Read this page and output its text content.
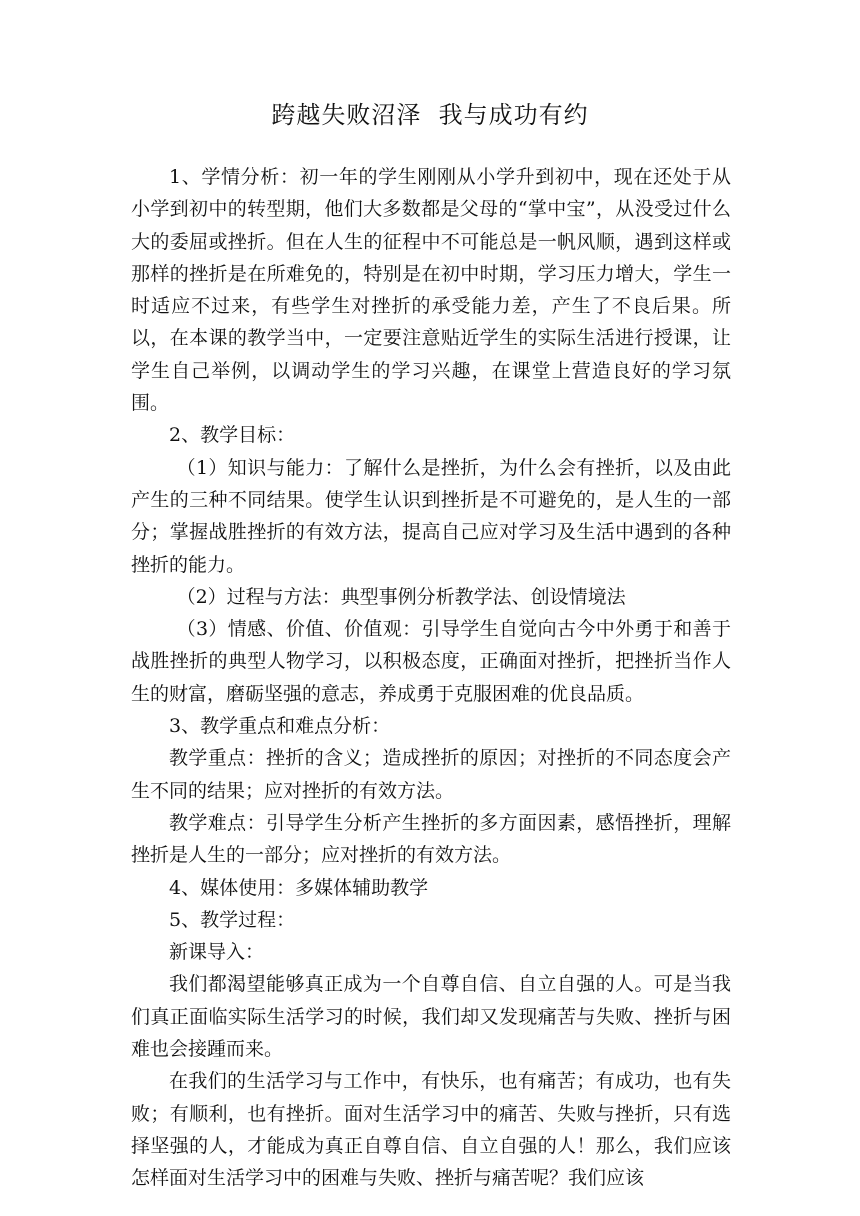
跨越失败沼泽  我与成功有约

1、学情分析：初一年的学生刚刚从小学升到初中，现在还处于从小学到初中的转型期，他们大多数都是父母的“掌中宝”，从没受过什么大的委屈或挫折。但在人生的征程中不可能总是一帆风顺，遇到这样或那样的挫折是在所难免的，特别是在初中时期，学习压力增大，学生一时适应不过来，有些学生对挫折的承受能力差，产生了不良后果。所以，在本课的教学当中，一定要注意贴近学生的实际生活进行授课，让学生自己举例，以调动学生的学习兴趣，在课堂上营造良好的学习氛围。

2、教学目标：

（1）知识与能力：了解什么是挫折，为什么会有挫折，以及由此产生的三种不同结果。使学生认识到挫折是不可避免的，是人生的一部分；掌握战胜挫折的有效方法，提高自己应对学习及生活中遇到的各种挫折的能力。

（2）过程与方法：典型事例分析教学法、创设情境法

（3）情感、价值、价值观：引导学生自觉向古今中外勇于和善于战胜挫折的典型人物学习，以积极态度，正确面对挫折，把挫折当作人生的财富，磨砺坚强的意志，养成勇于克服困难的优良品质。

3、教学重点和难点分析：

教学重点：挫折的含义；造成挫折的原因；对挫折的不同态度会产生不同的结果；应对挫折的有效方法。

教学难点：引导学生分析产生挫折的多方面因素，感悟挫折，理解挫折是人生的一部分；应对挫折的有效方法。

4、媒体使用：多媒体辅助教学

5、教学过程：

新课导入：

我们都渴望能够真正成为一个自尊自信、自立自强的人。可是当我们真正面临实际生活学习的时候，我们却又发现痛苦与失败、挫折与困难也会接踵而来。

在我们的生活学习与工作中，有快乐，也有痛苦；有成功，也有失败；有顺利，也有挫折。面对生活学习中的痛苦、失败与挫折，只有选择坚强的人，才能成为真正自尊自信、自立自强的人！那么，我们应该怎样面对生活学习中的困难与失败、挫折与痛苦呢？我们应该
